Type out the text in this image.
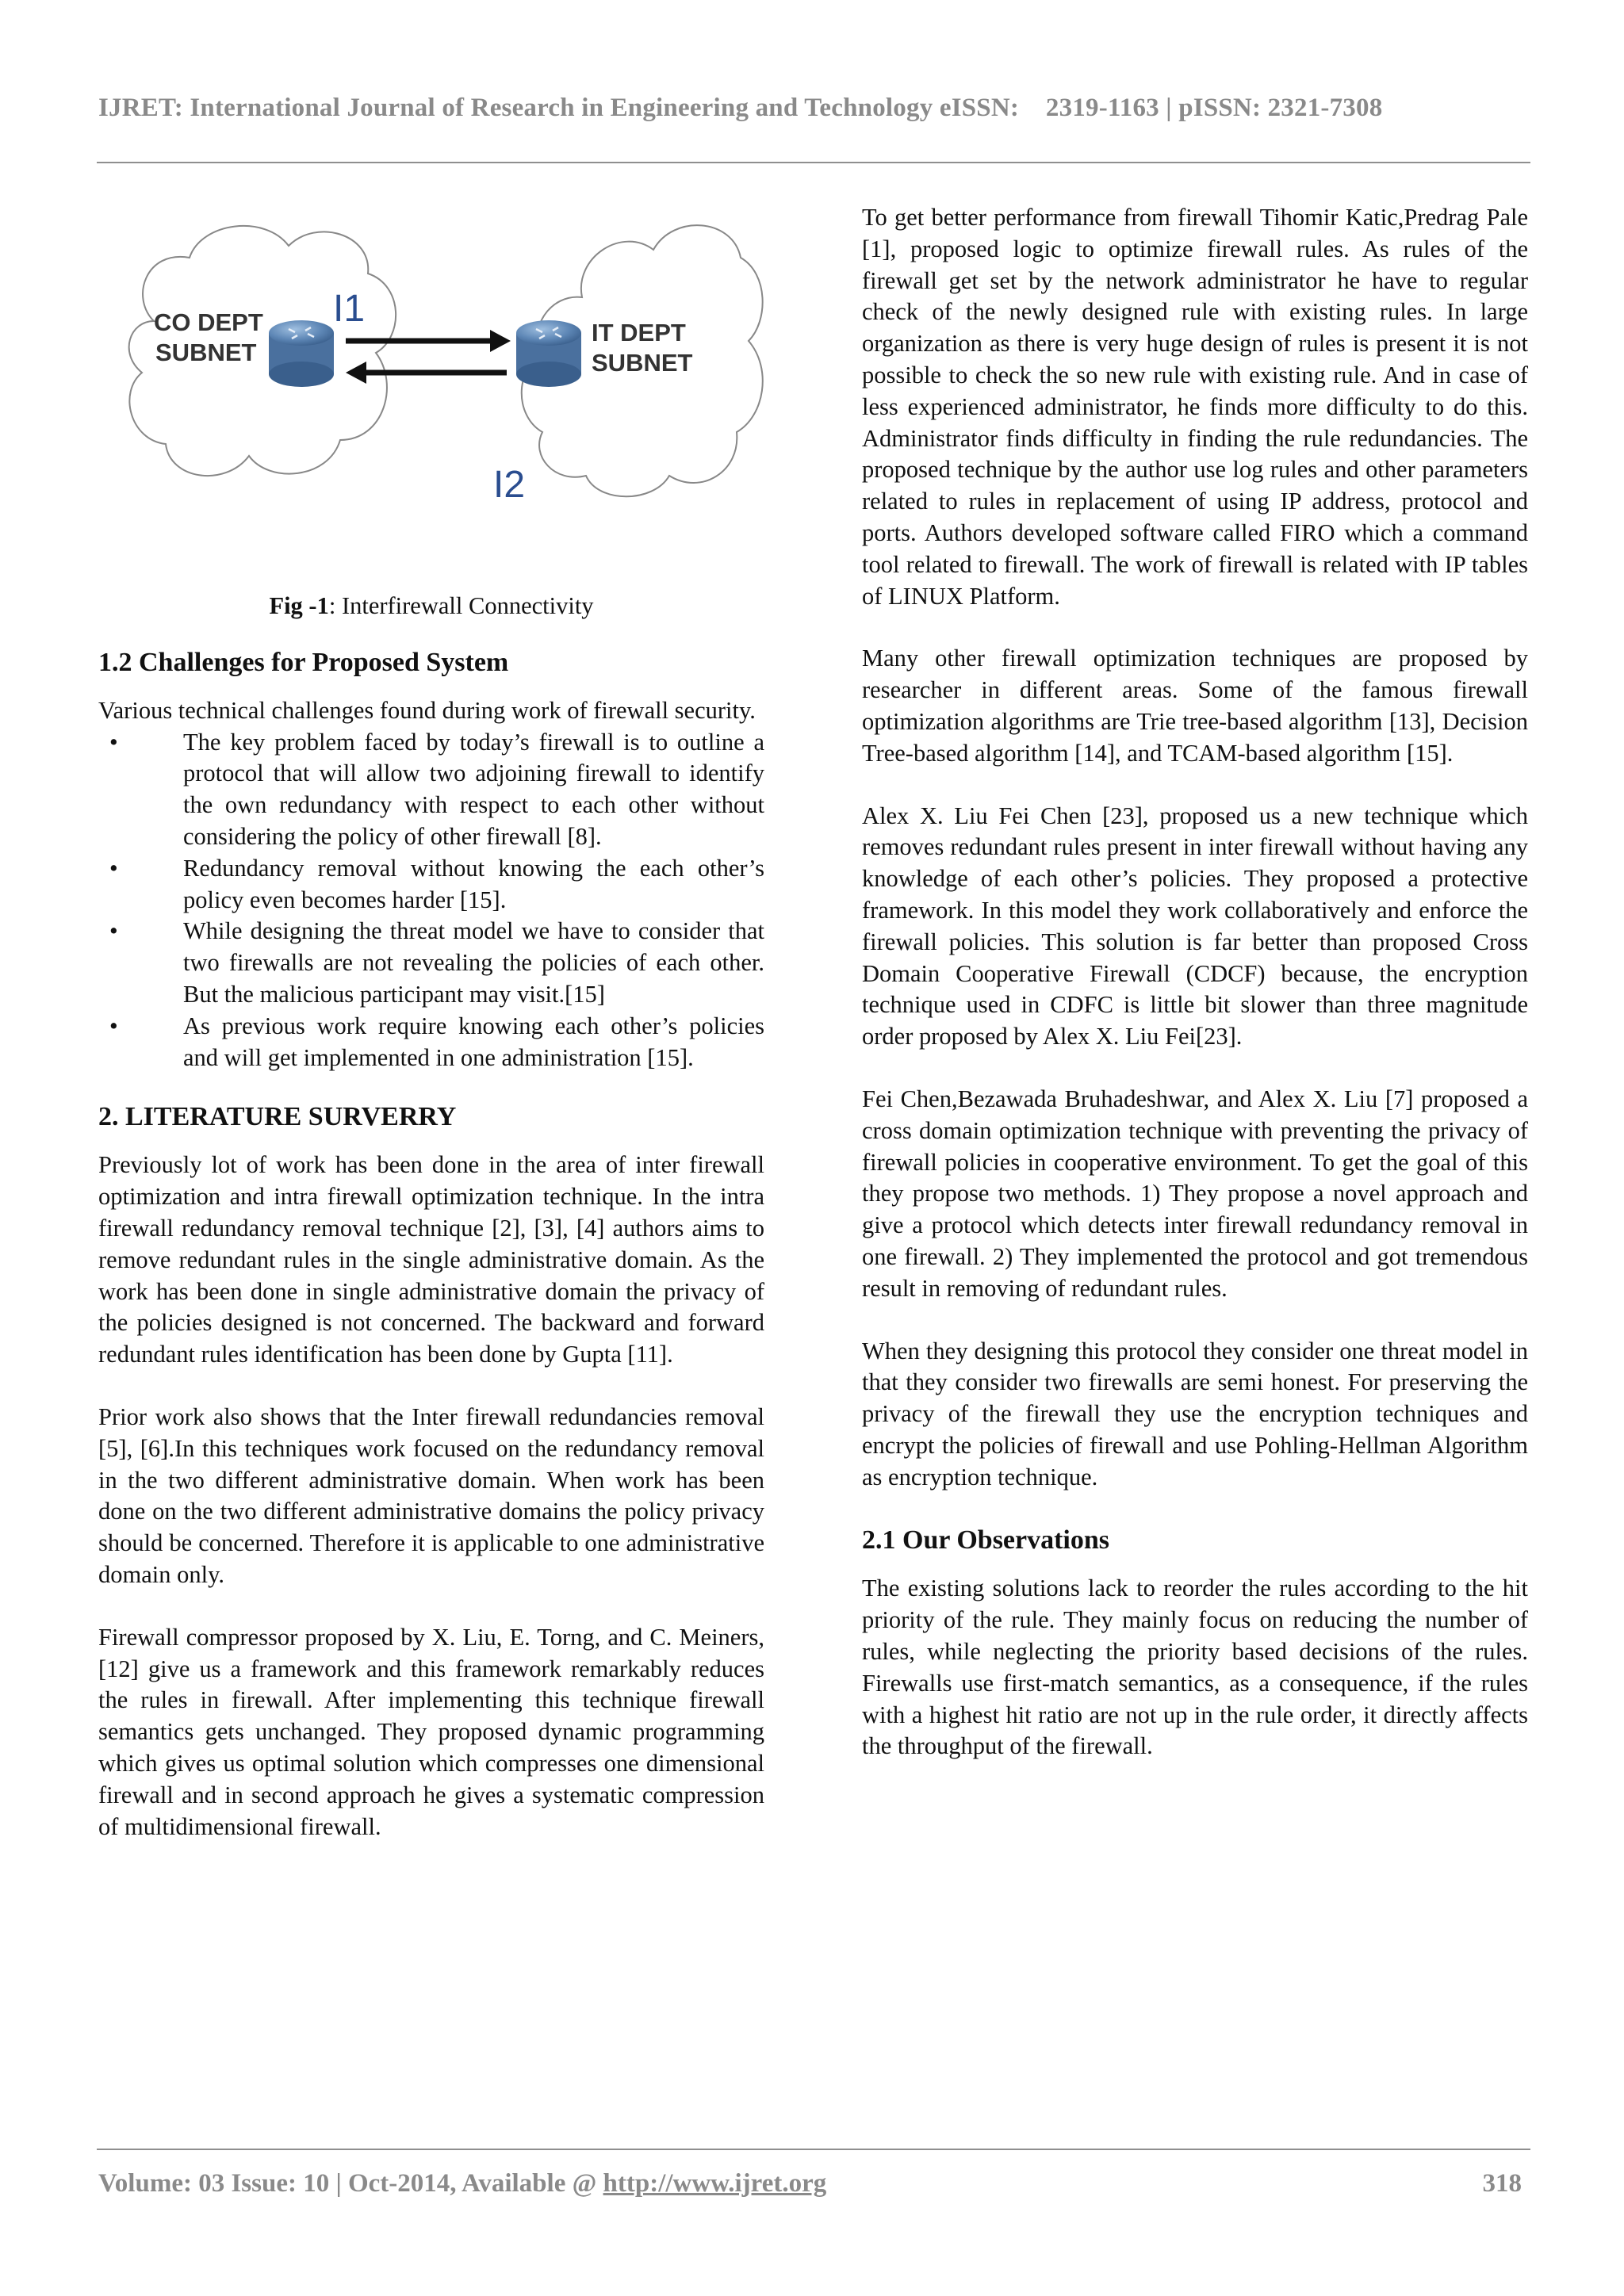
IJRET: International Journal of Research in Engineering and Technology eISSN: 2319-1163 | pISSN: 2321-7308
CO DEPT
SUBNET
IT DEPT
SUBNET
I1
I2
Fig -1: Interfirewall Connectivity
1.2 Challenges for Proposed System

Various technical challenges found during work of firewall security.

• The key problem faced by today’s firewall is to outline a protocol that will allow two adjoining firewall to identify the own redundancy with respect to each other without considering the policy of other firewall [8].
• Redundancy removal without knowing the each other’s policy even becomes harder [15].
• While designing the threat model we have to consider that two firewalls are not revealing the policies of each other. But the malicious participant may visit.[15]
• As previous work require knowing each other’s policies and will get implemented in one administration [15].
2. LITERATURE SURVERRY

Previously lot of work has been done in the area of inter firewall optimization and intra firewall optimization technique. In the intra firewall redundancy removal technique [2], [3], [4] authors aims to remove redundant rules in the single administrative domain. As the work has been done in single administrative domain the privacy of the policies designed is not concerned. The backward and forward redundant rules identification has been done by Gupta [11].

Prior work also shows that the Inter firewall redundancies removal [5], [6].In this techniques work focused on the redundancy removal in the two different administrative domain. When work has been done on the two different administrative domains the policy privacy should be concerned. Therefore it is applicable to one administrative domain only.

Firewall compressor proposed by X. Liu, E. Torng, and C. Meiners, [12] give us a framework and this framework remarkably reduces the rules in firewall. After implementing this technique firewall semantics gets unchanged. They proposed dynamic programming which gives us optimal solution which compresses one dimensional firewall and in second approach he gives a systematic compression of multidimensional firewall.

To get better performance from firewall Tihomir Katic,Predrag Pale [1], proposed logic to optimize firewall rules. As rules of the firewall get set by the network administrator he have to regular check of the newly designed rule with existing rules. In large organization as there is very huge design of rules is present it is not possible to check the so new rule with existing rule. And in case of less experienced administrator, he finds more difficulty to do this. Administrator finds difficulty in finding the rule redundancies. The proposed technique by the author use log rules and other parameters related to rules in replacement of using IP address, protocol and ports. Authors developed software called FIRO which a command tool related to firewall. The work of firewall is related with IP tables of LINUX Platform.

Many other firewall optimization techniques are proposed by researcher in different areas. Some of the famous firewall optimization algorithms are Trie tree-based algorithm [13], Decision Tree-based algorithm [14], and TCAM-based algorithm [15].

Alex X. Liu Fei Chen [23], proposed us a new technique which removes redundant rules present in inter firewall without having any knowledge of each other’s policies. They proposed a protective framework. In this model they work collaboratively and enforce the firewall policies. This solution is far better than proposed Cross Domain Cooperative Firewall (CDCF) because, the encryption technique used in CDFC is little bit slower than three magnitude order proposed by Alex X. Liu Fei[23].

Fei Chen,Bezawada Bruhadeshwar, and Alex X. Liu [7] proposed a cross domain optimization technique with preventing the privacy of firewall policies in cooperative environment. To get the goal of this they propose two methods. 1) They propose a novel approach and give a protocol which detects inter firewall redundancy removal in one firewall. 2) They implemented the protocol and got tremendous result in removing of redundant rules.

When they designing this protocol they consider one threat model in that they consider two firewalls are semi honest. For preserving the privacy of the firewall they use the encryption techniques and encrypt the policies of firewall and use Pohling-Hellman Algorithm as encryption technique.

2.1 Our Observations

The existing solutions lack to reorder the rules according to the hit priority of the rule. They mainly focus on reducing the number of rules, while neglecting the priority based decisions of the rules. Firewalls use first-match semantics, as a consequence, if the rules with a highest hit ratio are not up in the rule order, it directly affects the throughput of the firewall.

Volume: 03 Issue: 10 | Oct-2014, Available @ http://www.ijret.org	318
